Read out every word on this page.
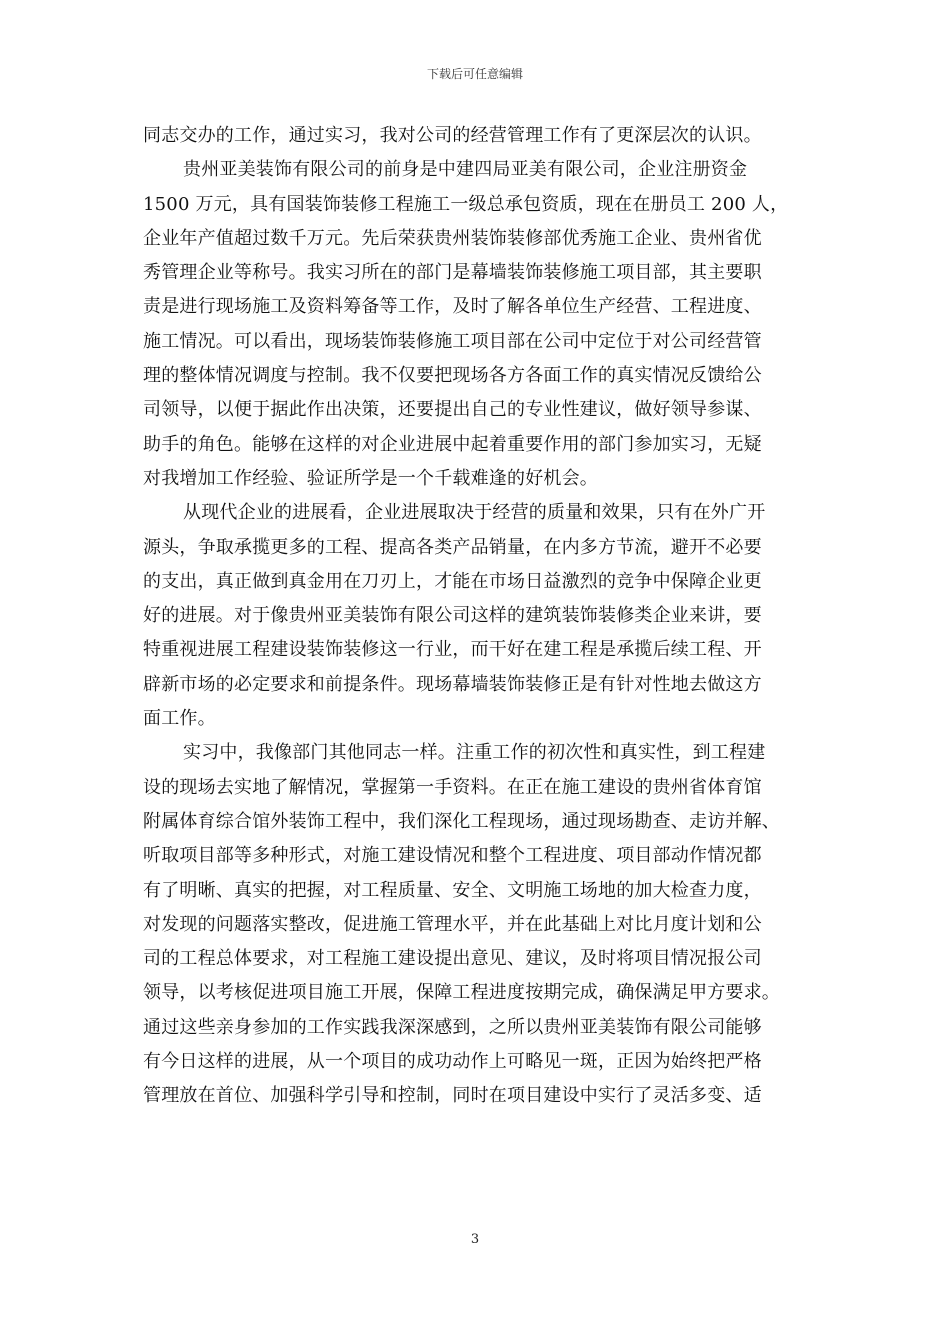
下载后可任意编辑
同志交办的工作，通过实习，我对公司的经营管理工作有了更深层次的认识。
贵州亚美装饰有限公司的前身是中建四局亚美有限公司，企业注册资金
1500 万元，具有国装饰装修工程施工一级总承包资质，现在在册员工 200 人，
企业年产值超过数千万元。先后荣获贵州装饰装修部优秀施工企业、贵州省优
秀管理企业等称号。我实习所在的部门是幕墙装饰装修施工项目部，其主要职
责是进行现场施工及资料筹备等工作，及时了解各单位生产经营、工程进度、
施工情况。可以看出，现场装饰装修施工项目部在公司中定位于对公司经营管
理的整体情况调度与控制。我不仅要把现场各方各面工作的真实情况反馈给公
司领导，以便于据此作出决策，还要提出自己的专业性建议，做好领导参谋、
助手的角色。能够在这样的对企业进展中起着重要作用的部门参加实习，无疑
对我增加工作经验、验证所学是一个千载难逢的好机会。
从现代企业的进展看，企业进展取决于经营的质量和效果，只有在外广开
源头，争取承揽更多的工程、提高各类产品销量，在内多方节流，避开不必要
的支出，真正做到真金用在刀刃上，才能在市场日益激烈的竞争中保障企业更
好的进展。对于像贵州亚美装饰有限公司这样的建筑装饰装修类企业来讲，要
特重视进展工程建设装饰装修这一行业，而干好在建工程是承揽后续工程、开
辟新市场的必定要求和前提条件。现场幕墙装饰装修正是有针对性地去做这方
面工作。
实习中，我像部门其他同志一样。注重工作的初次性和真实性，到工程建
设的现场去实地了解情况，掌握第一手资料。在正在施工建设的贵州省体育馆
附属体育综合馆外装饰工程中，我们深化工程现场，通过现场勘查、走访并解、
听取项目部等多种形式，对施工建设情况和整个工程进度、项目部动作情况都
有了明晰、真实的把握，对工程质量、安全、文明施工场地的加大检查力度，
对发现的问题落实整改，促进施工管理水平，并在此基础上对比月度计划和公
司的工程总体要求，对工程施工建设提出意见、建议，及时将项目情况报公司
领导，以考核促进项目施工开展，保障工程进度按期完成，确保满足甲方要求。
通过这些亲身参加的工作实践我深深感到，之所以贵州亚美装饰有限公司能够
有今日这样的进展，从一个项目的成功动作上可略见一斑，正因为始终把严格
管理放在首位、加强科学引导和控制，同时在项目建设中实行了灵活多变、适
3
